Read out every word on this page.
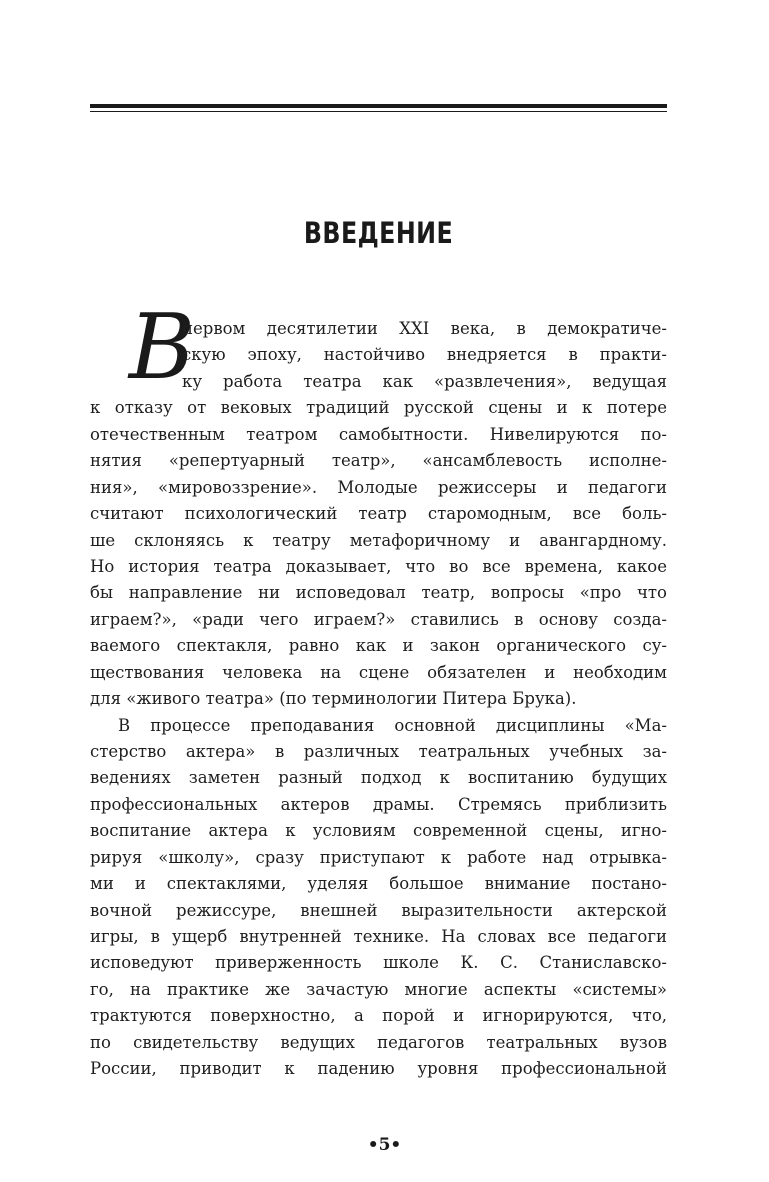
ВВЕДЕНИЕ
В
первом десятилетии XXI века, в демократиче-
скую эпоху, настойчиво внедряется в практи-
ку работа театра как «развлечения», ведущая
к отказу от вековых традиций русской сцены и к потере
отечественным театром самобытности. Нивелируются по-
нятия «репертуарный театр», «ансамблевость исполне-
ния», «мировоззрение». Молодые режиссеры и педагоги
считают психологический театр старомодным, все боль-
ше склоняясь к театру метафоричному и авангардному.
Но история театра доказывает, что во все времена, какое
бы направление ни исповедовал театр, вопросы «про что
играем?», «ради чего играем?» ставились в основу созда-
ваемого спектакля, равно как и закон органического су-
ществования человека на сцене обязателен и необходим
для «живого театра» (по терминологии Питера Брука).
В процессе преподавания основной дисциплины «Ма-
стерство актера» в различных театральных учебных за-
ведениях заметен разный подход к воспитанию будущих
профессиональных актеров драмы. Стремясь приблизить
воспитание актера к условиям современной сцены, игно-
рируя «школу», сразу приступают к работе над отрывка-
ми и спектаклями, уделяя большое внимание постано-
вочной режиссуре, внешней выразительности актерской
игры, в ущерб внутренней технике. На словах все педагоги
исповедуют приверженность школе К. С. Станиславско-
го, на практике же зачастую многие аспекты «системы»
трактуются поверхностно, а порой и игнорируются, что,
по свидетельству ведущих педагогов театральных вузов
России, приводит к падению уровня профессиональной
•5•
